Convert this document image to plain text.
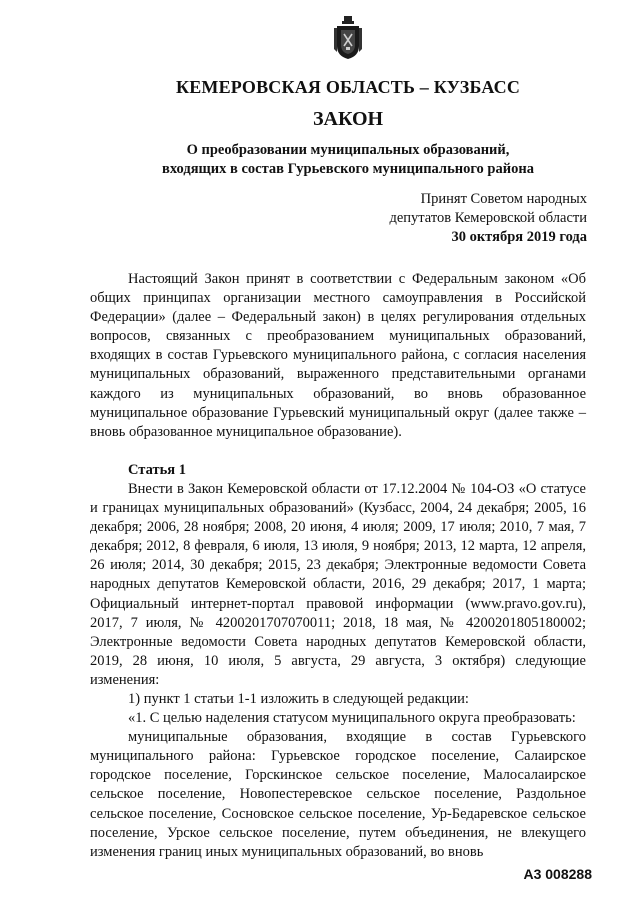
КЕМЕРОВСКАЯ ОБЛАСТЬ – КУЗБАСС
ЗАКОН
О преобразовании муниципальных образований,
входящих в состав Гурьевского муниципального района
Принят Советом народных
депутатов Кемеровской области
30 октября 2019 года

Настоящий Закон принят в соответствии с Федеральным законом «Об общих принципах организации местного самоуправления в Российской Федерации» (далее – Федеральный закон) в целях регулирования отдельных вопросов, связанных с преобразованием муниципальных образований, входящих в состав Гурьевского муниципального района, с согласия населения муниципальных образований, выраженного представительными органами каждого из муниципальных образований, во вновь образованное муниципальное образование Гурьевский муниципальный округ (далее также – вновь образованное муниципальное образование).

Статья 1

Внести в Закон Кемеровской области от 17.12.2004 № 104-ОЗ «О статусе и границах муниципальных образований» (Кузбасс, 2004, 24 декабря; 2005, 16 декабря; 2006, 28 ноября; 2008, 20 июня, 4 июля; 2009, 17 июля; 2010, 7 мая, 7 декабря; 2012, 8 февраля, 6 июля, 13 июля, 9 ноября; 2013, 12 марта, 12 апреля, 26 июля; 2014, 30 декабря; 2015, 23 декабря; Электронные ведомости Совета народных депутатов Кемеровской области, 2016, 29 декабря; 2017, 1 марта; Официальный интернет-портал правовой информации (www.pravo.gov.ru), 2017, 7 июля, № 4200201707070011; 2018, 18 мая, № 4200201805180002; Электронные ведомости Совета народных депутатов Кемеровской области, 2019, 28 июня, 10 июля, 5 августа, 29 августа, 3 октября) следующие изменения:

1) пункт 1 статьи 1-1 изложить в следующей редакции:

«1. С целью наделения статусом муниципального округа преобразовать:

муниципальные образования, входящие в состав Гурьевского муниципального района: Гурьевское городское поселение, Салаирское городское поселение, Горскинское сельское поселение, Малосалаирское сельское поселение, Новопестеревское сельское поселение, Раздольное сельское поселение, Сосновское сельское поселение, Ур-Бедаревское сельское поселение, Урское сельское поселение, путем объединения, не влекущего изменения границ иных муниципальных образований, во вновь

А3 008288
